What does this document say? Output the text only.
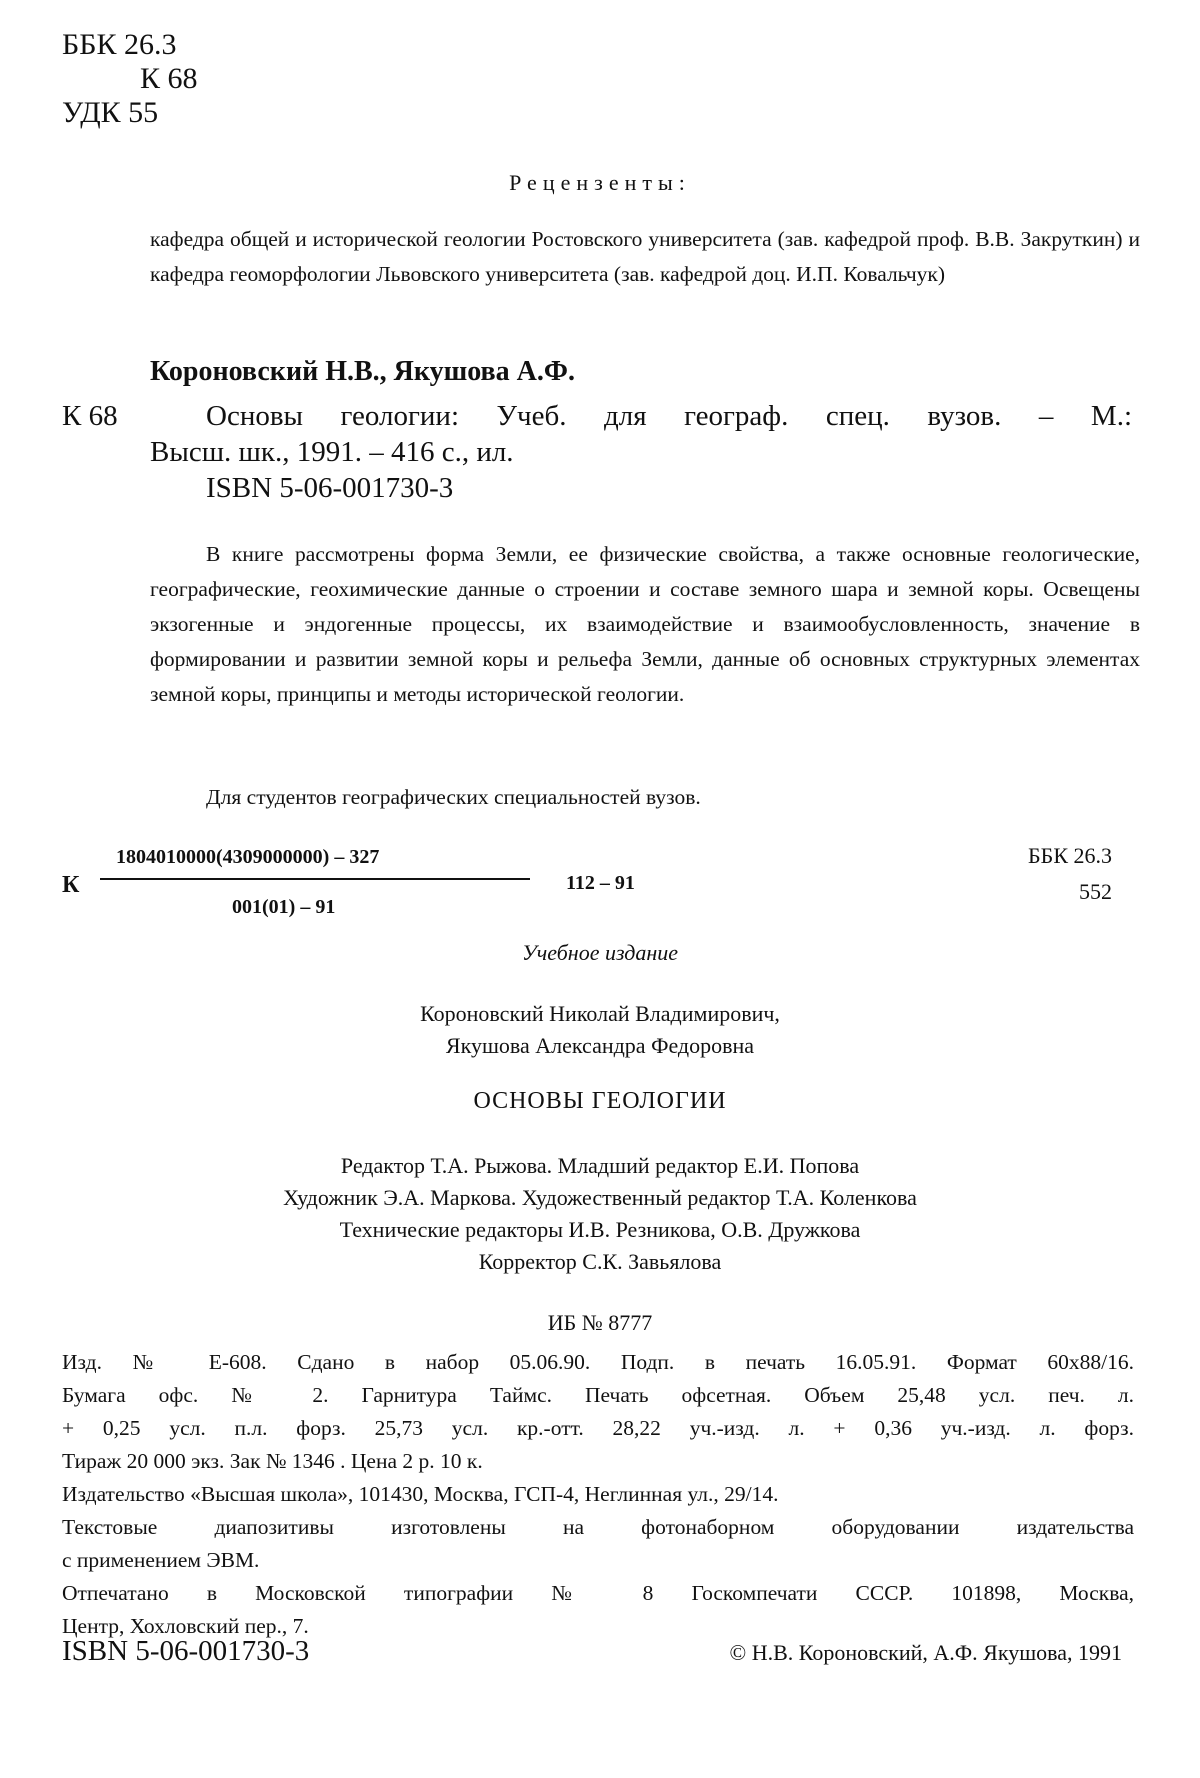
ББК 26.3
К 68
УДК 55
Рецензенты:
кафедра общей и исторической геологии Ростовского университета (зав. кафедрой проф. В.В. Закруткин) и кафедра геоморфологии Львовского университета (зав. кафедрой доц. И.П. Ковальчук)
Короновский Н.В., Якушова А.Ф.
К 68	Основы геологии: Учеб. для географ. спец. вузов. – М.:
Высш. шк., 1991. – 416 с., ил.
ISBN 5-06-001730-3
В книге рассмотрены форма Земли, ее физические свойства, а также основные геологические, географические, геохимические данные о строении и составе земного шара и земной коры. Освещены экзогенные и эндогенные процессы, их взаимодействие и взаимообусловленность, значение в формировании и развитии земной коры и рельефа Земли, данные об основных структурных элементах земной коры, принципы и методы исторической геологии.
Для студентов географических специальностей вузов.
К
1804010000(4309000000) – 327
001(01) – 91
112 – 91
ББК 26.3
552
Учебное издание
Короновский Николай Владимирович,
Якушова Александра Федоровна
ОСНОВЫ ГЕОЛОГИИ
Редактор Т.А. Рыжова. Младший редактор Е.И. Попова
Художник Э.А. Маркова. Художественный редактор Т.А. Коленкова
Технические редакторы И.В. Резникова, О.В. Дружкова
Корректор С.К. Завьялова
ИБ № 8777
Изд. № Е-608. Сдано в набор 05.06.90. Подп. в печать 16.05.91. Формат 60х88/16.
Бумага офс. № 2. Гарнитура Таймс. Печать офсетная. Объем 25,48 усл. печ. л.
+ 0,25 усл. п.л. форз. 25,73 усл. кр.-отт. 28,22 уч.-изд. л. + 0,36 уч.-изд. л. форз.
Тираж 20 000 экз. Зак № 1346 . Цена 2 р. 10 к.
Издательство «Высшая школа», 101430, Москва, ГСП-4, Неглинная ул., 29/14.
Текстовые диапозитивы изготовлены на фотонаборном оборудовании издательства
с применением ЭВМ.
Отпечатано в Московской типографии № 8 Госкомпечати СССР. 101898, Москва,
Центр, Хохловский пер., 7.
ISBN 5-06-001730-3	© Н.В. Короновский, А.Ф. Якушова, 1991
